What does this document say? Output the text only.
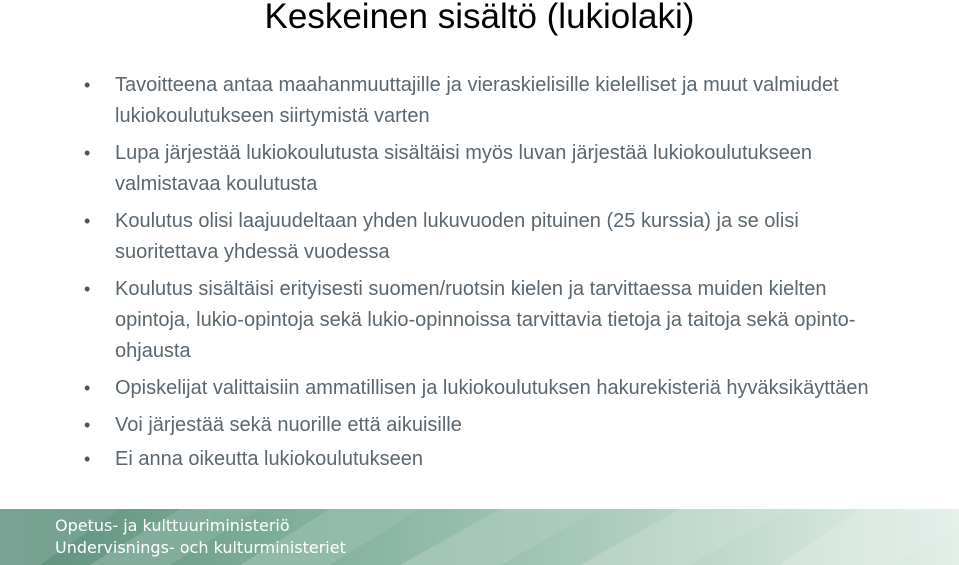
Keskeinen sisältö (lukiolaki)
• Tavoitteena antaa maahanmuuttajille ja vieraskielisille kielelliset ja muut valmiudet lukiokoulutukseen siirtymistä varten
• Lupa järjestää lukiokoulutusta sisältäisi myös luvan järjestää lukiokoulutukseen valmistavaa koulutusta
• Koulutus olisi laajuudeltaan yhden lukuvuoden pituinen (25 kurssia) ja se olisi suoritettava yhdessä vuodessa
• Koulutus sisältäisi erityisesti suomen/ruotsin kielen ja tarvittaessa muiden kielten opintoja, lukio-opintoja sekä lukio-opinnoissa tarvittavia tietoja ja taitoja sekä opinto-ohjausta
• Opiskelijat valittaisiin ammatillisen ja lukiokoulutuksen hakurekisteriä hyväksikäyttäen
• Voi järjestää sekä nuorille että aikuisille
• Ei anna oikeutta lukiokoulutukseen
Opetus- ja kulttuuriministeriö
Undervisnings- och kulturministeriet
